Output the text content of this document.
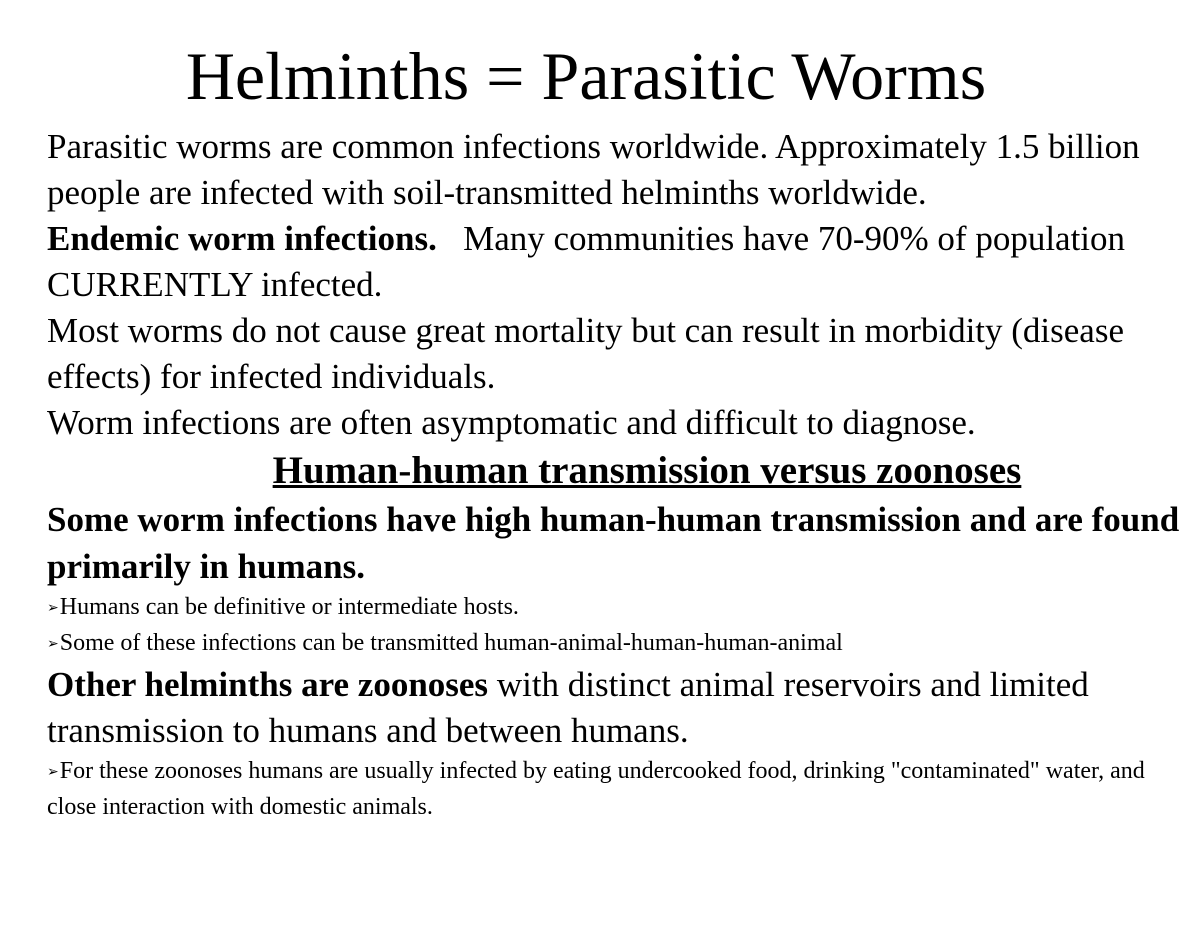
Helminths = Parasitic Worms

Parasitic worms are common infections worldwide. Approximately 1.5 billion people are infected with soil-transmitted helminths worldwide.

Endemic worm infections. Many communities have 70-90% of population CURRENTLY infected.

Most worms do not cause great mortality but can result in morbidity (disease effects) for infected individuals.

Worm infections are often asymptomatic and difficult to diagnose.

Human-human transmission versus zoonoses

Some worm infections have high human-human transmission and are found primarily in humans.

➢Humans can be definitive or intermediate hosts.

➢Some of these infections can be transmitted human-animal-human-human-animal

Other helminths are zoonoses with distinct animal reservoirs and limited transmission to humans and between humans.

➢For these zoonoses humans are usually infected by eating undercooked food, drinking "contaminated" water, and close interaction with domestic animals.
